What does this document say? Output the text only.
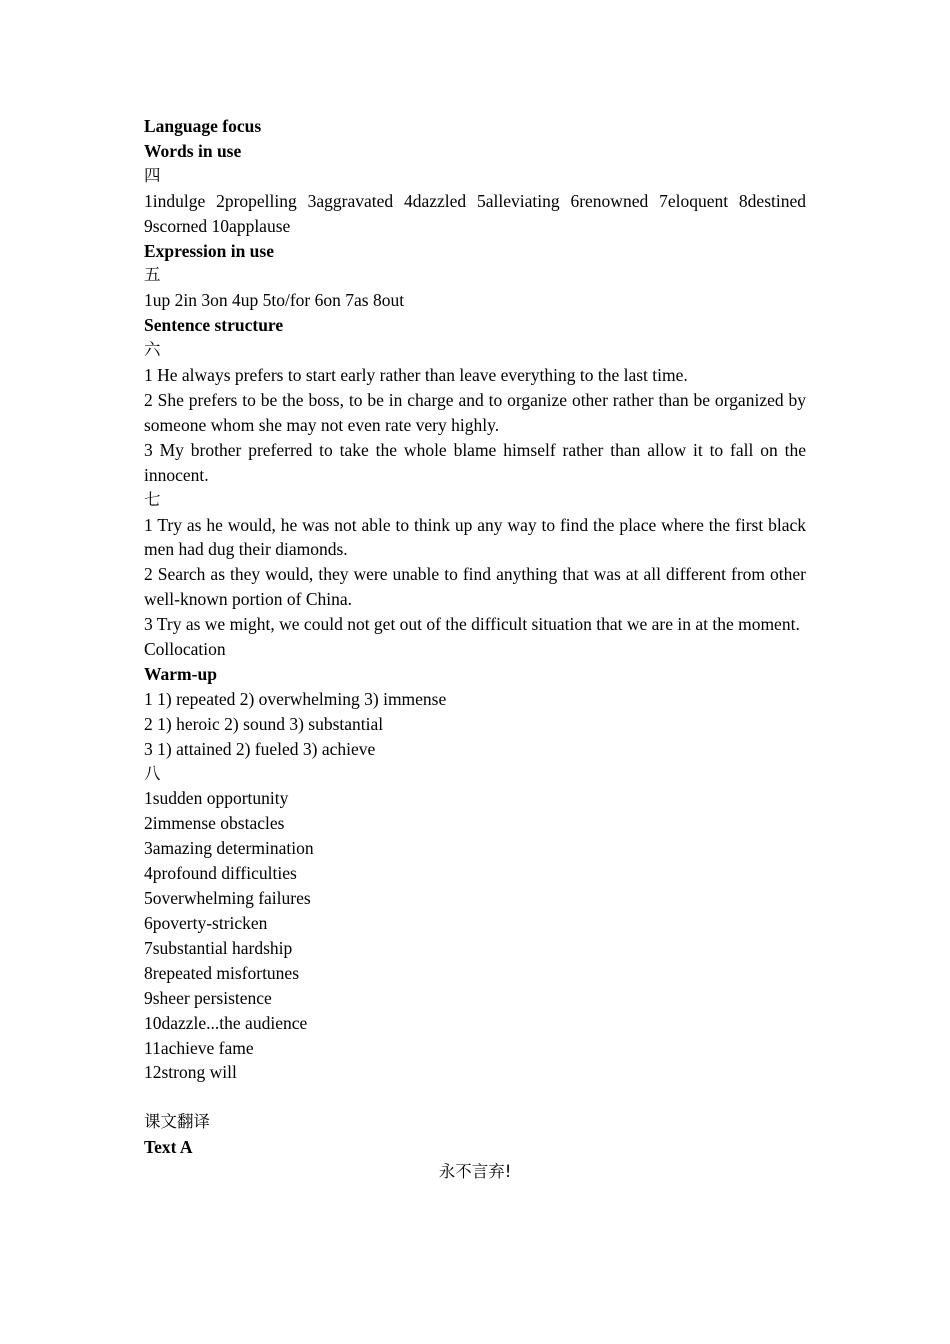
Language focus
Words in use
四
1indulge 2propelling 3aggravated 4dazzled 5alleviating 6renowned 7eloquent 8destined 9scorned 10applause
Expression in use
五
1up 2in 3on 4up 5to/for 6on 7as 8out
Sentence structure
六
1 He always prefers to start early rather than leave everything to the last time.
2 She prefers to be the boss, to be in charge and to organize other rather than be organized by someone whom she may not even rate very highly.
3 My brother preferred to take the whole blame himself rather than allow it to fall on the innocent.
七
1 Try as he would, he was not able to think up any way to find the place where the first black men had dug their diamonds.
2 Search as they would, they were unable to find anything that was at all different from other well-known portion of China.
3 Try as we might, we could not get out of the difficult situation that we are in at the moment.
Collocation
Warm-up
1 1) repeated 2) overwhelming 3) immense
2 1) heroic 2) sound 3) substantial
3 1) attained 2) fueled 3) achieve
八
1sudden opportunity
2immense obstacles
3amazing determination
4profound difficulties
5overwhelming failures
6poverty-stricken
7substantial hardship
8repeated misfortunes
9sheer persistence
10dazzle...the audience
11achieve fame
12strong will
课文翻译
Text A
永不言弃!
